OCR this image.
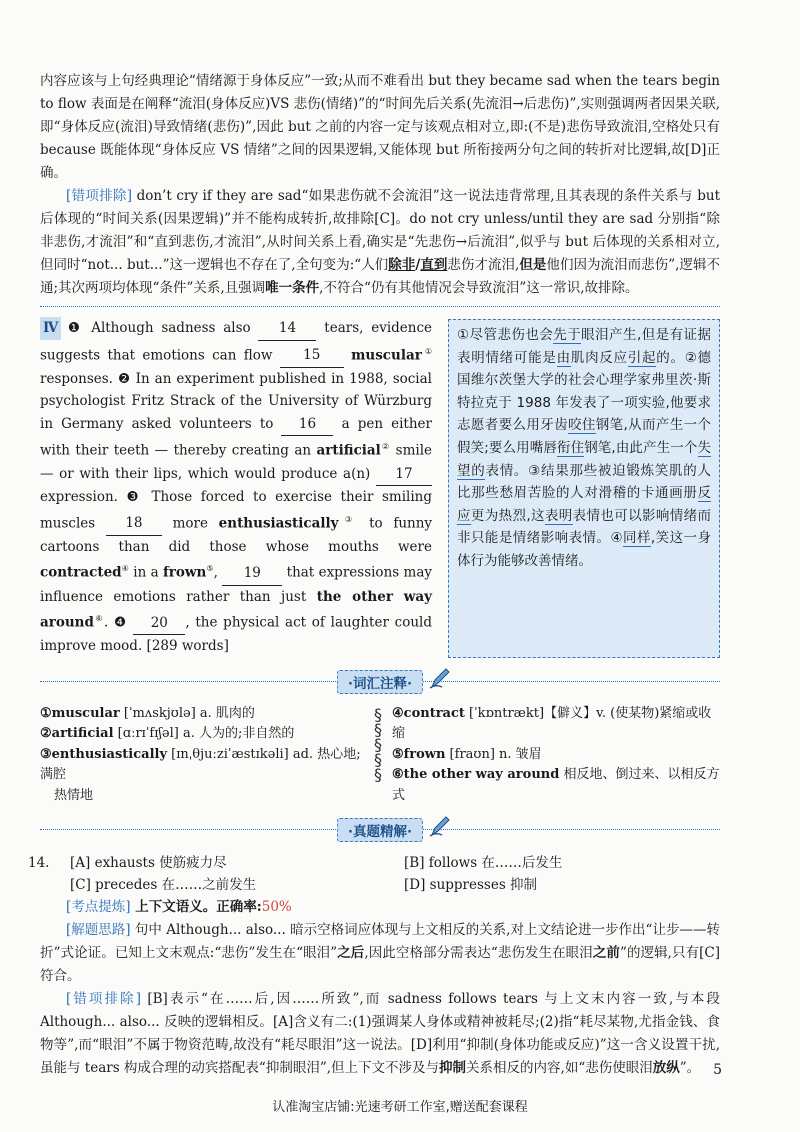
内容应该与上句经典理论“情绪源于身体反应”一致;从而不难看出 but they became sad when the tears begin to flow 表面是在阐释“流泪(身体反应)VS 悲伤(情绪)”的“时间先后关系(先流泪→后悲伤)”,实则强调两者因果关联,即“身体反应(流泪)导致情绪(悲伤)”,因此 but 之前的内容一定与该观点相对立,即:(不是)悲伤导致流泪,空格处只有 because 既能体现“身体反应 VS 情绪”之间的因果逻辑,又能体现 but 所衔接两分句之间的转折对比逻辑,故[D]正确。

[错项排除] don’t cry if they are sad“如果悲伤就不会流泪”这一说法违背常理,且其表现的条件关系与 but 后体现的“时间关系(因果逻辑)”并不能构成转折,故排除[C]。do not cry unless/until they are sad 分别指“除非悲伤,才流泪”和“直到悲伤,才流泪”,从时间关系上看,确实是“先悲伤→后流泪”,似乎与 but 后体现的关系相对立,但同时“not... but...”这一逻辑也不存在了,全句变为:“人们除非/直到悲伤才流泪,但是他们因为流泪而悲伤”,逻辑不通;其次两项均体现“条件”关系,且强调唯一条件,不符合“仍有其他情况会导致流泪”这一常识,故排除。

Ⅳ ❶ Although sadness also 14 tears, evidence suggests that emotions can flow 15 muscular① responses. ❷ In an experiment published in 1988, social psychologist Fritz Strack of the University of Würzburg in Germany asked volunteers to 16 a pen either with their teeth — thereby creating an artificial② smile — or with their lips, which would produce a(n) 17 expression. ❸ Those forced to exercise their smiling muscles 18 more enthusiastically③ to funny cartoons than did those whose mouths were contracted④ in a frown⑤, 19 that expressions may influence emotions rather than just the other way around⑥. ❹ 20 , the physical act of laughter could improve mood. [289 words]
①尽管悲伤也会先于眼泪产生,但是有证据表明情绪可能是由肌肉反应引起的。②德国维尔茨堡大学的社会心理学家弗里茨·斯特拉克于 1988 年发表了一项实验,他要求志愿者要么用牙齿咬住钢笔,从而产生一个假笑;要么用嘴唇衔住钢笔,由此产生一个失望的表情。③结果那些被迫锻炼笑肌的人比那些愁眉苦脸的人对滑稽的卡通画册反应更为热烈,这表明表情也可以影响情绪而非只能是情绪影响表情。④同样,笑这一身体行为能够改善情绪。
·词汇注释·
①muscular [ˈmʌskjʊlə] a. 肌肉的
②artificial [ɑːrɪˈfɪʃəl] a. 人为的;非自然的
③enthusiastically [ɪnˌθjuːziˈæstɪkəli] ad. 热心地;满腔
热情地
§
§
§
§
§
④contract [ˈkɒntrækt]【僻义】v. (使某物)紧缩或收缩
⑤frown [fraʊn] n. 皱眉
⑥the other way around 相反地、倒过来、以相反方式
·真题精解·
14.	[A] exhausts 使筋疲力尽	[B] follows 在……后发生
[C] precedes 在……之前发生	[D] suppresses 抑制

[考点提炼] 上下文语义。正确率:50%

[解题思路] 句中 Although... also... 暗示空格词应体现与上文相反的关系,对上文结论进一步作出“让步——转折”式论证。已知上文末观点:“悲伤”发生在“眼泪”之后,因此空格部分需表达“悲伤发生在眼泪之前”的逻辑,只有[C]符合。

[错项排除] [B]表示“在……后,因……所致”,而 sadness follows tears 与上文末内容一致,与本段 Although... also... 反映的逻辑相反。[A]含义有二:(1)强调某人身体或精神被耗尽;(2)指“耗尽某物,尤指金钱、食物等”,而“眼泪”不属于物资范畴,故没有“耗尽眼泪”这一说法。[D]利用“抑制(身体功能或反应)”这一含义设置干扰,虽能与 tears 构成合理的动宾搭配表“抑制眼泪”,但上下文不涉及与抑制关系相反的内容,如“悲伤使眼泪放纵”。 5
认准淘宝店铺:光速考研工作室,赠送配套课程
